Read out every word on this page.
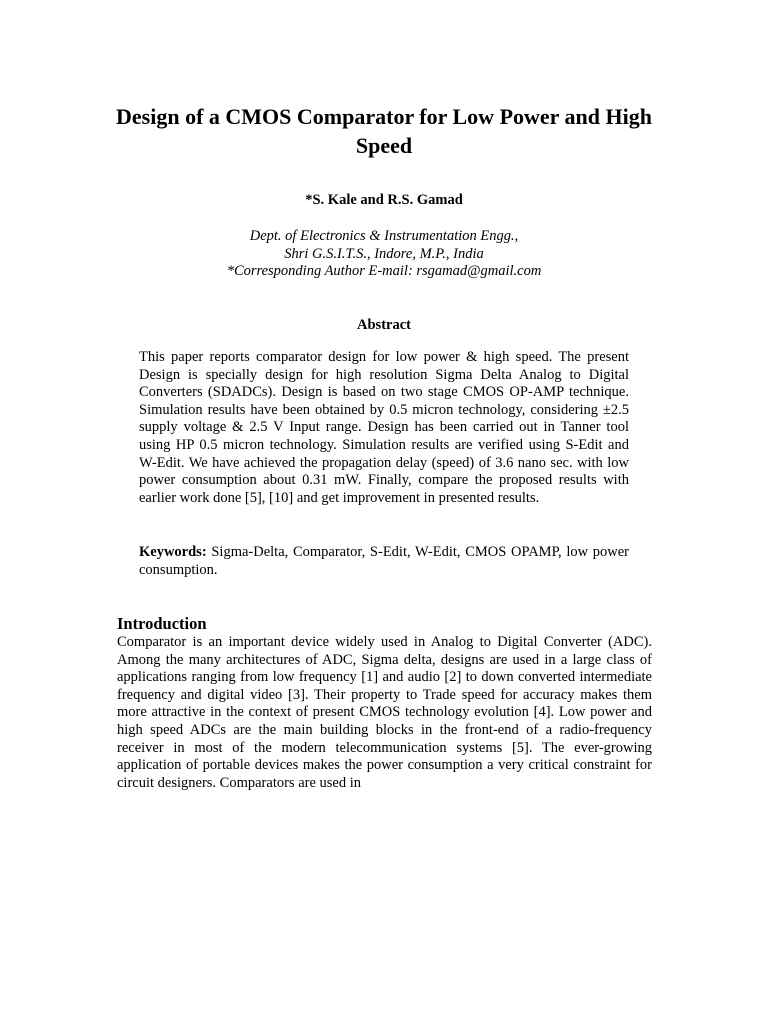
Design of a CMOS Comparator for Low Power and High Speed
*S. Kale and R.S. Gamad
Dept. of Electronics & Instrumentation Engg.,
Shri G.S.I.T.S., Indore, M.P., India
*Corresponding Author E-mail: rsgamad@gmail.com
Abstract

This paper reports comparator design for low power & high speed. The present Design is specially design for high resolution Sigma Delta Analog to Digital Converters (SDADCs). Design is based on two stage CMOS OP-AMP technique. Simulation results have been obtained by 0.5 micron technology, considering ±2.5 supply voltage & 2.5 V Input range. Design has been carried out in Tanner tool using HP 0.5 micron technology. Simulation results are verified using S-Edit and W-Edit. We have achieved the propagation delay (speed) of 3.6 nano sec. with low power consumption about 0.31 mW. Finally, compare the proposed results with earlier work done [5], [10] and get improvement in presented results.

Keywords: Sigma-Delta, Comparator, S-Edit, W-Edit, CMOS OPAMP, low power consumption.

Introduction

Comparator is an important device widely used in Analog to Digital Converter (ADC). Among the many architectures of ADC, Sigma delta, designs are used in a large class of applications ranging from low frequency [1] and audio [2] to down converted intermediate frequency and digital video [3]. Their property to Trade speed for accuracy makes them more attractive in the context of present CMOS technology evolution [4]. Low power and high speed ADCs are the main building blocks in the front-end of a radio-frequency receiver in most of the modern telecommunication systems [5]. The ever-growing application of portable devices makes the power consumption a very critical constraint for circuit designers. Comparators are used in
